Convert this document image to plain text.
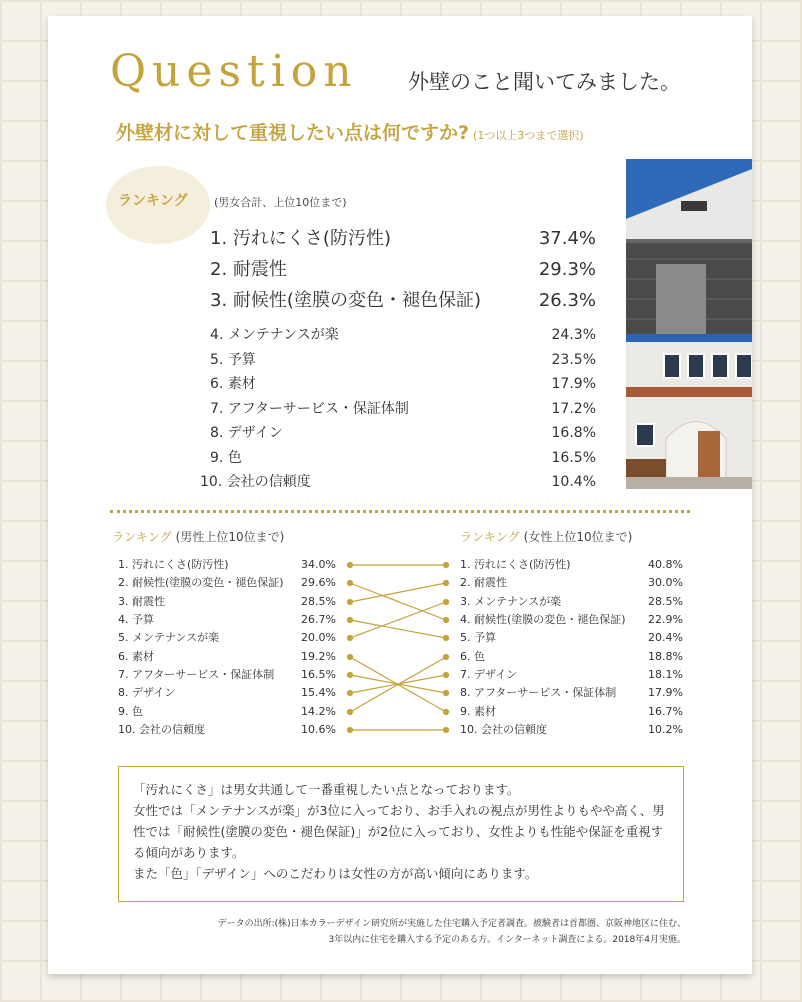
Question 外壁のこと聞いてみました。
外壁材に対して重視したい点は何ですか? (1つ以上3つまで選択)
ランキング (男女合計、上位10位まで)
1. 汚れにくさ(防汚性)	37.4%
2. 耐震性	29.3%
3. 耐候性(塗膜の変色・褪色保証)	26.3%
4. メンテナンスが楽	24.3%
5. 予算	23.5%
6. 素材	17.9%
7. アフターサービス・保証体制	17.2%
8. デザイン	16.8%
9. 色	16.5%
10. 会社の信頼度	10.4%
ランキング (男性上位10位まで)
1. 汚れにくさ(防汚性)	34.0%
2. 耐候性(塗膜の変色・褪色保証) 29.6%
3. 耐震性	28.5%
4. 予算	26.7%
5. メンテナンスが楽	20.0%
6. 素材	19.2%
7. アフターサービス・保証体制 16.5%
8. デザイン	15.4%
9. 色	14.2%
10. 会社の信頼度	10.6%
ランキング (女性上位10位まで)
1. 汚れにくさ(防汚性)	40.8%
2. 耐震性	30.0%
3. メンテナンスが楽	28.5%
4. 耐候性(塗膜の変色・褪色保証) 22.9%
5. 予算	20.4%
6. 色	18.8%
7. デザイン	18.1%
8. アフターサービス・保証体制	17.9%
9. 素材	16.7%
10. 会社の信頼度	10.2%

「汚れにくさ」は男女共通して一番重視したい点となっております。

女性では「メンテナンスが楽」が3位に入っており、お手入れの視点が男性よりもやや高く、男性では「耐候性(塗膜の変色・褪色保証)」が2位に入っており、女性よりも性能や保証を重視する傾向があります。

また「色」「デザイン」へのこだわりは女性の方が高い傾向にあります。

データの出所:(株)日本カラーデザイン研究所が実施した住宅購入予定者調査。被験者は首都圏、京阪神地区に住む、
3年以内に住宅を購入する予定のある方。インターネット調査による。2018年4月実施。
